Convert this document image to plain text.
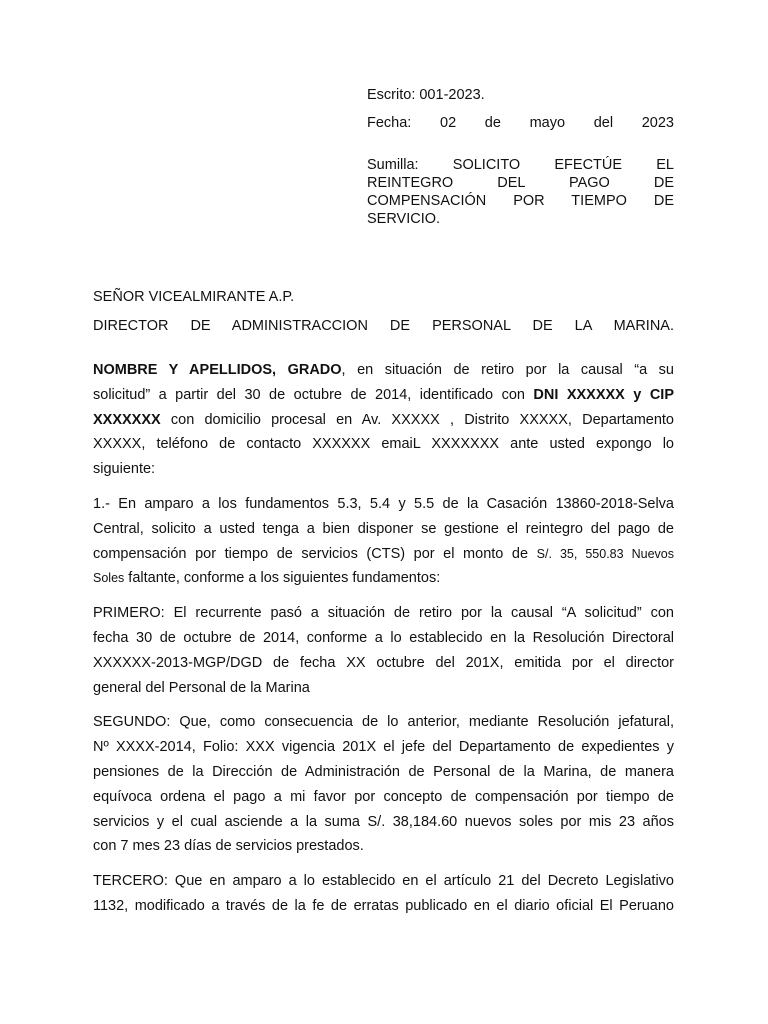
Escrito: 001-2023.

Fecha: 02 de mayo del 2023

Sumilla: SOLICITO EFECTÚE EL
REINTEGRO DEL PAGO DE
COMPENSACIÓN POR TIEMPO DE
SERVICIO.

SEÑOR VICEALMIRANTE A.P.

DIRECTOR DE ADMINISTRACCION DE PERSONAL DE LA MARINA.

NOMBRE Y APELLIDOS, GRADO, en situación de retiro por la causal “a su
solicitud” a partir del 30 de octubre de 2014, identificado con DNI XXXXXX y CIP
XXXXXXX con domicilio procesal en Av. XXXXX , Distrito XXXXX, Departamento
XXXXX, teléfono de contacto XXXXXX emaiL XXXXXXX ante usted expongo lo
siguiente:

1.- En amparo a los fundamentos 5.3, 5.4 y 5.5 de la Casación 13860-2018-Selva
Central, solicito a usted tenga a bien disponer se gestione el reintegro del pago de
compensación por tiempo de servicios (CTS) por el monto de S/. 35, 550.83 Nuevos
Soles faltante, conforme a los siguientes fundamentos:

PRIMERO: El recurrente pasó a situación de retiro por la causal “A solicitud” con
fecha 30 de octubre de 2014, conforme a lo establecido en la Resolución Directoral
XXXXXX-2013-MGP/DGD de fecha XX octubre del 201X, emitida por el director
general del Personal de la Marina

SEGUNDO: Que, como consecuencia de lo anterior, mediante Resolución jefatural,
Nº XXXX-2014, Folio: XXX vigencia 201X el jefe del Departamento de expedientes y
pensiones de la Dirección de Administración de Personal de la Marina, de manera
equívoca ordena el pago a mi favor por concepto de compensación por tiempo de
servicios y el cual asciende a la suma S/. 38,184.60 nuevos soles por mis 23 años
con 7 mes 23 días de servicios prestados.

TERCERO: Que en amparo a lo establecido en el artículo 21 del Decreto Legislativo
1132, modificado a través de la fe de erratas publicado en el diario oficial El Peruano
